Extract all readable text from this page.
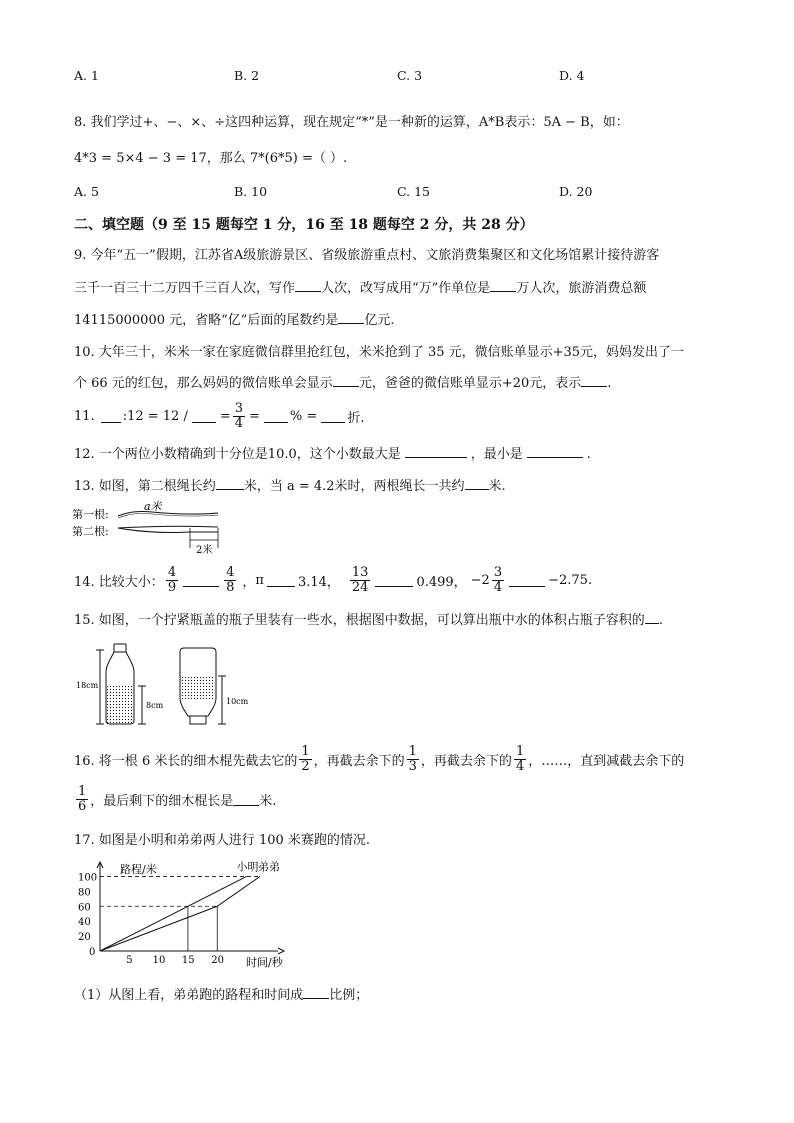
A. 1	B. 2	C. 3	D. 4
8. 我们学过+、−、×、÷这四种运算，现在规定“*”是一种新的运算，A*B表示：5A − B，如：
4*3 = 5×4 − 3 = 17，那么 7*(6*5) =（ ）.
A. 5	B. 10	C. 15	D. 20
二、填空题（9 至 15 题每空 1 分，16 至 18 题每空 2 分，共 28 分）
9. 今年“五一”假期，江苏省A级旅游景区、省级旅游重点村、文旅消费集聚区和文化场馆累计接待游客
三千一百三十二万四千三百人次，写作 人次，改写成用“万”作单位是 万人次，旅游消费总额
14115000000 元，省略“亿”后面的尾数约是 亿元.
10. 大年三十，米米一家在家庭微信群里抢红包，米米抢到了 35 元，微信账单显示+35元，妈妈发出了一
个 66 元的红包，那么妈妈的微信账单会显示 元，爸爸的微信账单显示+20元，表示 .
11. :12 = 12 / = $\frac{3}{4}$ = % = 折.
12. 一个两位小数精确到十分位是10.0，这个小数最大是	，最小是	.
13. 如图，第二根绳长约 米，当 a = 4.2米时，两根绳长一共约 米.
第一根:
第二根:
a米
2米
14. 比较大小： $\frac{4}{9}$	$\frac{4}{8}$ ， π	3.14， $\frac{13}{24}$	0.499， $-2 \frac{3}{4}$	−2.75.
15. 如图，一个拧紧瓶盖的瓶子里装有一些水，根据图中数据，可以算出瓶中水的体积占瓶子容积的 .
18cm
8cm	10cm
16. 将一根 6 米长的细木棍先截去它的 $\frac{1}{2}$ ，再截去余下的 $\frac{1}{3}$ ，再截去余下的 $\frac{1}{4}$ ，……，直到减截去余下的
$\frac{1}{6}$ ，最后剩下的细木棍长是 米.
17. 如图是小明和弟弟两人进行 100 米赛跑的情况.
路程/米
时间/秒
0
5 10 15 20
20
40
60
80
100
小明 弟弟
（1）从图上看，弟弟跑的路程和时间成 比例；
